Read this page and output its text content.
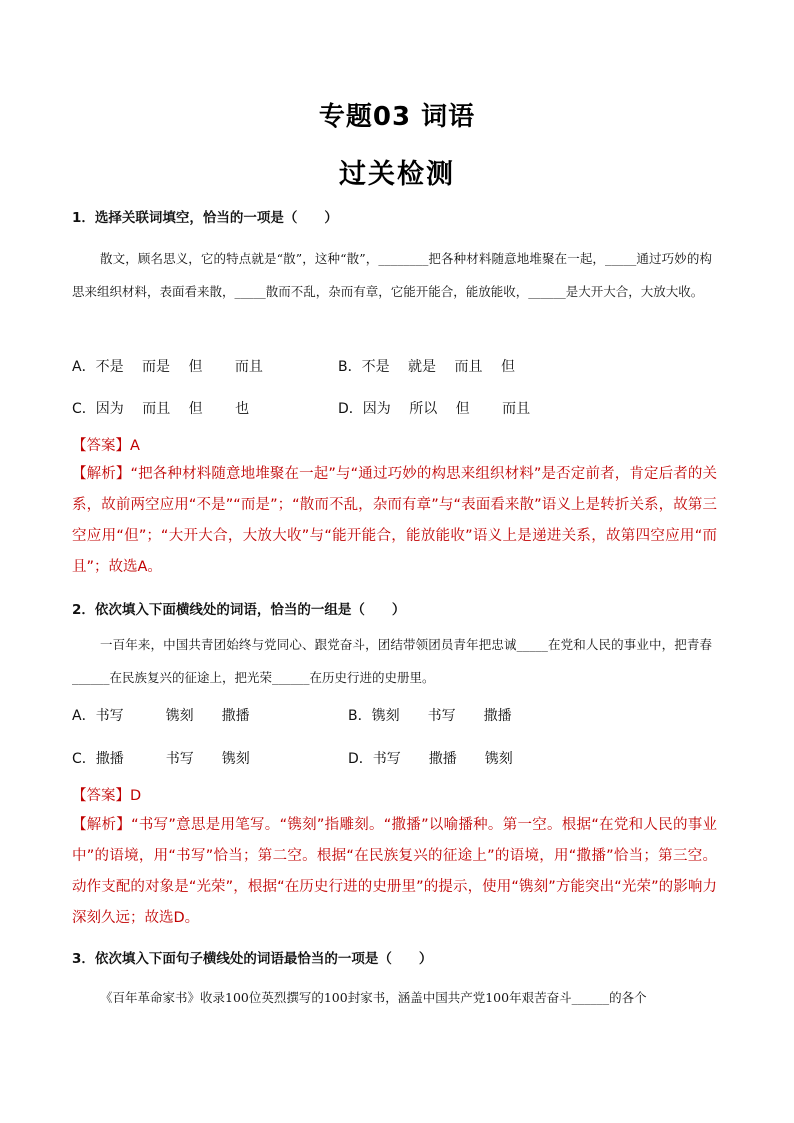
专题03 词语
过关检测
1．选择关联词填空，恰当的一项是（　　）
散文，顾名思义，它的特点就是“散”，这种“散”，________把各种材料随意地堆聚在一起，_____通过巧妙的构思来组织材料，表面看来散，_____散而不乱，杂而有章，它能开能合，能放能收，______是大开大合，大放大收。
A．不是　 而是　 但　　 而且	B．不是　 就是　 而且　 但
C．因为　 而且　 但　　 也	D．因为　 所以　 但　　 而且
【答案】A
【解析】“把各种材料随意地堆聚在一起”与“通过巧妙的构思来组织材料”是否定前者，肯定后者的关系，故前两空应用“不是”“而是”；“散而不乱，杂而有章”与“表面看来散”语义上是转折关系，故第三空应用“但”；“大开大合，大放大收”与“能开能合，能放能收”语义上是递进关系，故第四空应用“而且”；故选A。
2．依次填入下面横线处的词语，恰当的一组是（　　）
一百年来，中国共青团始终与党同心、跟党奋斗，团结带领团员青年把忠诚_____在党和人民的事业中，把青春______在民族复兴的征途上，把光荣______在历史行进的史册里。
A．书写　　　镌刻　　撒播	B．镌刻　　书写　　撒播
C．撒播　　　书写　　镌刻	D．书写　　撒播　　镌刻
【答案】D
【解析】“书写”意思是用笔写。“镌刻”指雕刻。“撒播”以喻播种。第一空。根据“在党和人民的事业中”的语境，用“书写”恰当；第二空。根据“在民族复兴的征途上”的语境，用“撒播”恰当；第三空。动作支配的对象是“光荣”，根据“在历史行进的史册里”的提示，使用“镌刻”方能突出“光荣”的影响力深刻久远；故选D。
3．依次填入下面句子横线处的词语最恰当的一项是（　　）
《百年革命家书》收录100位英烈撰写的100封家书，涵盖中国共产党100年艰苦奋斗______的各个
